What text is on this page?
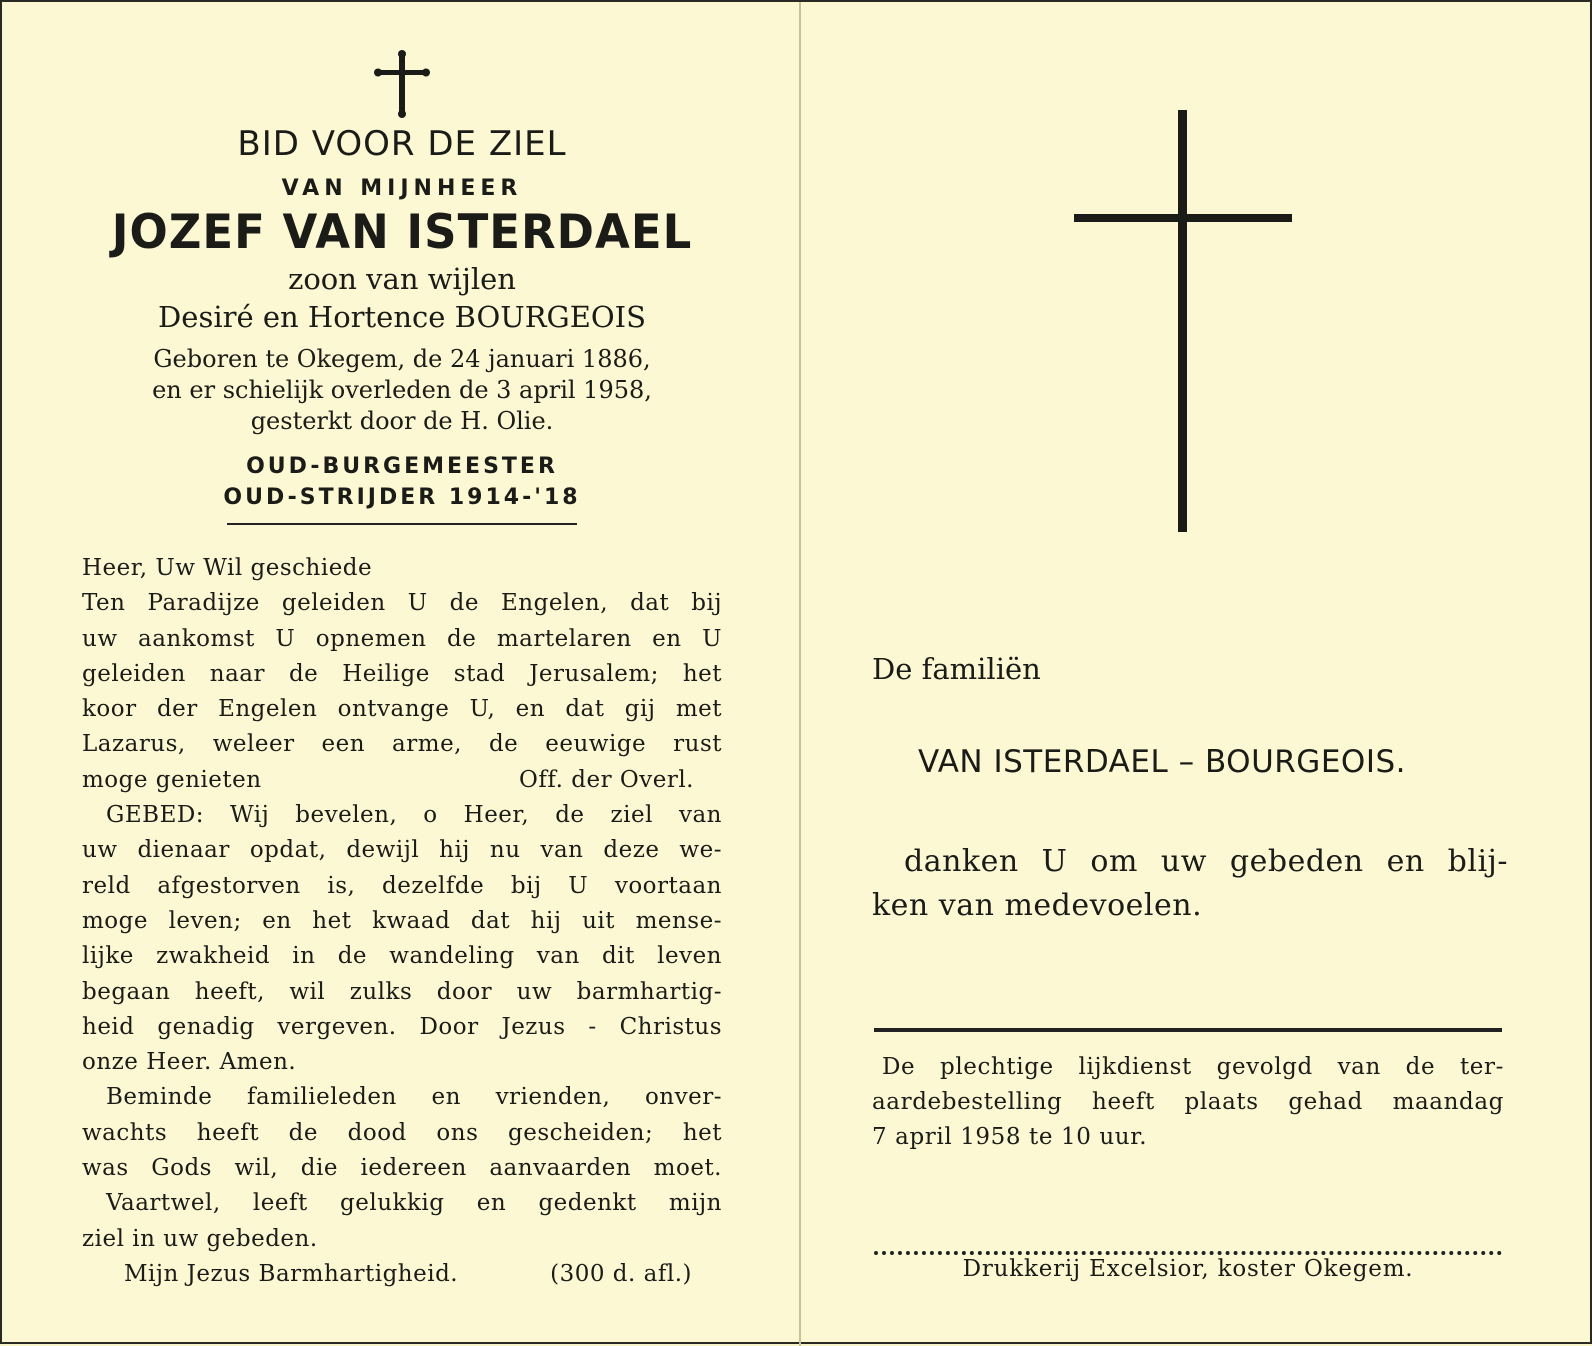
BID VOOR DE ZIEL
VAN MIJNHEER
JOZEF VAN ISTERDAEL
zoon van wijlen
Desiré en Hortence BOURGEOIS
Geboren te Okegem, de 24 januari 1886,
en er schielijk overleden de 3 april 1958,
gesterkt door de H. Olie.
OUD-BURGEMEESTER
OUD-STRIJDER 1914-'18

Heer, Uw Wil geschiede

Ten Paradijze geleiden U de Engelen, dat bij

uw aankomst U opnemen de martelaren en U

geleiden naar de Heilige stad Jerusalem; het

koor der Engelen ontvange U, en dat gij met

Lazarus, weleer een arme, de eeuwige rust

moge genieten	Off. der Overl.

GEBED: Wij bevelen, o Heer, de ziel van

uw dienaar opdat, dewijl hij nu van deze we-

reld afgestorven is, dezelfde bij U voortaan

moge leven; en het kwaad dat hij uit mense-

lijke zwakheid in de wandeling van dit leven

begaan heeft, wil zulks door uw barmhartig-

heid genadig vergeven. Door Jezus - Christus

onze Heer. Amen.

Beminde familieleden en vrienden, onver-

wachts heeft de dood ons gescheiden; het

was Gods wil, die iedereen aanvaarden moet.

Vaartwel, leeft gelukkig en gedenkt mijn

ziel in uw gebeden.

Mijn Jezus Barmhartigheid.	(300 d. afl.)

De familiën
VAN ISTERDAEL – BOURGEOIS.
danken U om uw gebeden en blij-
ken van medevoelen.
De plechtige lijkdienst gevolgd van de ter-
aardebestelling heeft plaats gehad maandag
7 april 1958 te 10 uur.
Drukkerij Excelsior, koster Okegem.
